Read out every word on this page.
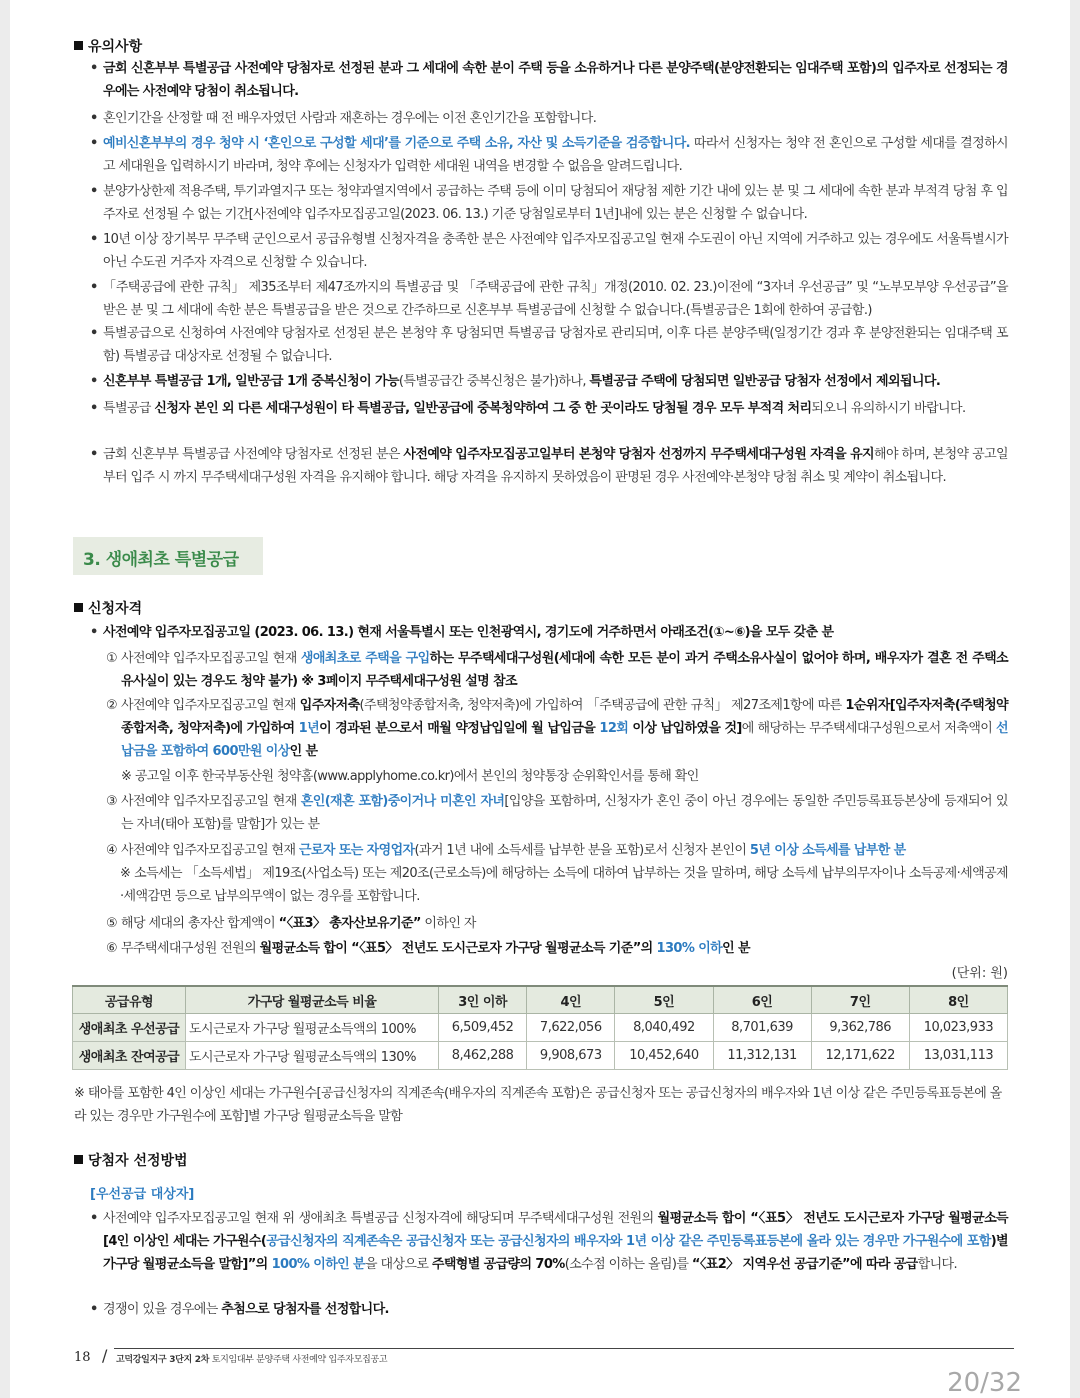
유의사항
• 금회 신혼부부 특별공급 사전예약 당첨자로 선정된 분과 그 세대에 속한 분이 주택 등을 소유하거나 다른 분양주택(분양전환되는 임대주택 포함)의 입주자로 선정되는 경우에는 사전예약 당첨이 취소됩니다.
• 혼인기간을 산정할 때 전 배우자였던 사람과 재혼하는 경우에는 이전 혼인기간을 포함합니다.
• 예비신혼부부의 경우 청약 시 ‘혼인으로 구성할 세대’를 기준으로 주택 소유, 자산 및 소득기준을 검증합니다. 따라서 신청자는 청약 전 혼인으로 구성할 세대를 결정하시고 세대원을 입력하시기 바라며, 청약 후에는 신청자가 입력한 세대원 내역을 변경할 수 없음을 알려드립니다.
• 분양가상한제 적용주택, 투기과열지구 또는 청약과열지역에서 공급하는 주택 등에 이미 당첨되어 재당첨 제한 기간 내에 있는 분 및 그 세대에 속한 분과 부적격 당첨 후 입주자로 선정될 수 없는 기간[사전예약 입주자모집공고일(2023. 06. 13.) 기준 당첨일로부터 1년]내에 있는 분은 신청할 수 없습니다.
• 10년 이상 장기복무 무주택 군인으로서 공급유형별 신청자격을 충족한 분은 사전예약 입주자모집공고일 현재 수도권이 아닌 지역에 거주하고 있는 경우에도 서울특별시가 아닌 수도권 거주자 자격으로 신청할 수 있습니다.
• 「주택공급에 관한 규칙」 제35조부터 제47조까지의 특별공급 및 「주택공급에 관한 규칙」개정(2010. 02. 23.)이전에 “3자녀 우선공급” 및 “노부모부양 우선공급”을 받은 분 및 그 세대에 속한 분은 특별공급을 받은 것으로 간주하므로 신혼부부 특별공급에 신청할 수 없습니다.(특별공급은 1회에 한하여 공급함.)
• 특별공급으로 신청하여 사전예약 당첨자로 선정된 분은 본청약 후 당첨되면 특별공급 당첨자로 관리되며, 이후 다른 분양주택(일정기간 경과 후 분양전환되는 임대주택 포함) 특별공급 대상자로 선정될 수 없습니다.
• 신혼부부 특별공급 1개, 일반공급 1개 중복신청이 가능(특별공급간 중복신청은 불가)하나, 특별공급 주택에 당첨되면 일반공급 당첨자 선정에서 제외됩니다.
• 특별공급 신청자 본인 외 다른 세대구성원이 타 특별공급, 일반공급에 중복청약하여 그 중 한 곳이라도 당첨될 경우 모두 부적격 처리되오니 유의하시기 바랍니다.
• 금회 신혼부부 특별공급 사전예약 당첨자로 선정된 분은 사전예약 입주자모집공고일부터 본청약 당첨자 선정까지 무주택세대구성원 자격을 유지해야 하며, 본청약 공고일부터 입주 시 까지 무주택세대구성원 자격을 유지해야 합니다. 해당 자격을 유지하지 못하였음이 판명된 경우 사전예약·본청약 당첨 취소 및 계약이 취소됩니다.
3. 생애최초 특별공급
신청자격
• 사전예약 입주자모집공고일 (2023. 06. 13.) 현재 서울특별시 또는 인천광역시, 경기도에 거주하면서 아래조건(①~⑥)을 모두 갖춘 분
① 사전예약 입주자모집공고일 현재 생애최초로 주택을 구입하는 무주택세대구성원(세대에 속한 모든 분이 과거 주택소유사실이 없어야 하며, 배우자가 결혼 전 주택소유사실이 있는 경우도 청약 불가) ※ 3페이지 무주택세대구성원 설명 참조
② 사전예약 입주자모집공고일 현재 입주자저축(주택청약종합저축, 청약저축)에 가입하여 「주택공급에 관한 규칙」 제27조제1항에 따른 1순위자[입주자저축(주택청약종합저축, 청약저축)에 가입하여 1년이 경과된 분으로서 매월 약정납입일에 월 납입금을 12회 이상 납입하였을 것]에 해당하는 무주택세대구성원으로서 저축액이 선납금을 포함하여 600만원 이상인 분
※ 공고일 이후 한국부동산원 청약홈(www.applyhome.co.kr)에서 본인의 청약통장 순위확인서를 통해 확인
③ 사전예약 입주자모집공고일 현재 혼인(재혼 포함)중이거나 미혼인 자녀[입양을 포함하며, 신청자가 혼인 중이 아닌 경우에는 동일한 주민등록표등본상에 등재되어 있는 자녀(태아 포함)를 말함]가 있는 분
④ 사전예약 입주자모집공고일 현재 근로자 또는 자영업자(과거 1년 내에 소득세를 납부한 분을 포함)로서 신청자 본인이 5년 이상 소득세를 납부한 분
※ 소득세는 「소득세법」 제19조(사업소득) 또는 제20조(근로소득)에 해당하는 소득에 대하여 납부하는 것을 말하며, 해당 소득세 납부의무자이나 소득공제·세액공제·세액감면 등으로 납부의무액이 없는 경우를 포함합니다.
⑤ 해당 세대의 총자산 합계액이 “〈표3〉 총자산보유기준” 이하인 자
⑥ 무주택세대구성원 전원의 월평균소득 합이 “〈표5〉 전년도 도시근로자 가구당 월평균소득 기준”의 130% 이하인 분
(단위: 원)
공급유형	가구당 월평균소득 비율	3인 이하	4인	5인	6인	7인	8인
생애최초 우선공급	도시근로자 가구당 월평균소득액의 100%	6,509,452	7,622,056	8,040,492	8,701,639	9,362,786	10,023,933
생애최초 잔여공급	도시근로자 가구당 월평균소득액의 130%	8,462,288	9,908,673	10,452,640	11,312,131	12,171,622	13,031,113
※ 태아를 포함한 4인 이상인 세대는 가구원수[공급신청자의 직계존속(배우자의 직계존속 포함)은 공급신청자 또는 공급신청자의 배우자와 1년 이상 같은 주민등록표등본에 올라 있는 경우만 가구원수에 포함]별 가구당 월평균소득을 말함
당첨자 선정방법
[우선공급 대상자]
• 사전예약 입주자모집공고일 현재 위 생애최초 특별공급 신청자격에 해당되며 무주택세대구성원 전원의 월평균소득 합이 “〈표5〉 전년도 도시근로자 가구당 월평균소득[4인 이상인 세대는 가구원수(공급신청자의 직계존속은 공급신청자 또는 공급신청자의 배우자와 1년 이상 같은 주민등록표등본에 올라 있는 경우만 가구원수에 포함)별 가구당 월평균소득을 말함]”의 100% 이하인 분을 대상으로 주택형별 공급량의 70%(소수점 이하는 올림)를 “〈표2〉 지역우선 공급기준”에 따라 공급합니다.
• 경쟁이 있을 경우에는 추첨으로 당첨자를 선정합니다.
18 / 고덕강일지구 3단지 2차 토지임대부 분양주택 사전예약 입주자모집공고
20/32
